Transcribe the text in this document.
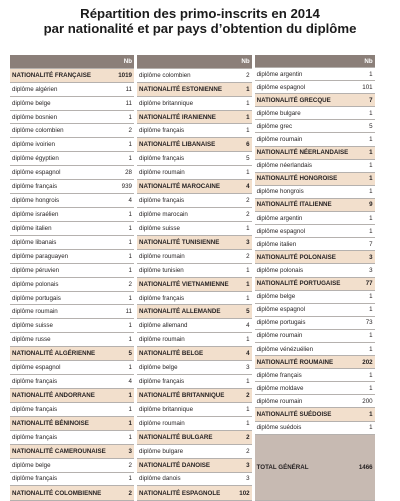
Répartition des primo-inscrits en 2014
par nationalité et par pays d’obtention du diplôme
	Nb
NATIONALITÉ FRANÇAISE	1019
diplôme algérien	11
diplôme belge	11
diplôme bosnien	1
diplôme colombien	2
diplôme ivoirien	1
diplôme égyptien	1
diplôme espagnol	28
diplôme français	939
diplôme hongrois	4
diplôme israélien	1
diplôme italien	1
diplôme libanais	1
diplôme paraguayen	1
diplôme péruvien	1
diplôme polonais	2
diplôme portugais	1
diplôme roumain	11
diplôme suisse	1
diplôme russe	1
NATIONALITÉ ALGÉRIENNE	5
diplôme espagnol	1
diplôme français	4
NATIONALITÉ ANDORRANE	1
diplôme français	1
NATIONALITÉ BÉNINOISE	1
diplôme français	1
NATIONALITÉ CAMEROUNAISE	3
diplôme belge	2
diplôme français	1
NATIONALITÉ COLOMBIENNE	2
	Nb
diplôme colombien	2
NATIONALITÉ ESTONIENNE	1
diplôme britannique	1
NATIONALITÉ IRANIENNE	1
diplôme français	1
NATIONALITÉ LIBANAISE	6
diplôme français	5
diplôme roumain	1
NATIONALITÉ MAROCAINE	4
diplôme français	2
diplôme marocain	2
diplôme suisse	1
NATIONALITÉ TUNISIENNE	3
diplôme roumain	2
diplôme tunisien	1
NATIONALITÉ VIETNAMIENNE	1
diplôme français	1
NATIONALITÉ ALLEMANDE	5
diplôme allemand	4
diplôme roumain	1
NATIONALITÉ BELGE	4
diplôme belge	3
diplôme français	1
NATIONALITÉ BRITANNIQUE	2
diplôme britannique	1
diplôme roumain	1
NATIONALITÉ BULGARE	2
diplôme bulgare	2
NATIONALITÉ DANOISE	3
diplôme danois	3
NATIONALITÉ ESPAGNOLE	102
	Nb
diplôme argentin	1
diplôme espagnol	101
NATIONALITÉ GRECQUE	7
diplôme bulgare	1
diplôme grec	5
diplôme roumain	1
NATIONALITÉ NÉERLANDAISE	1
diplôme néerlandais	1
NATIONALITÉ HONGROISE	1
diplôme hongrois	1
NATIONALITÉ ITALIENNE	9
diplôme argentin	1
diplôme espagnol	1
diplôme italien	7
NATIONALITÉ POLONAISE	3
diplôme polonais	3
NATIONALITÉ PORTUGAISE	77
diplôme belge	1
diplôme espagnol	1
diplôme portugais	73
diplôme roumain	1
diplôme vénézuélien	1
NATIONALITÉ ROUMAINE	202
diplôme français	1
diplôme moldave	1
diplôme roumain	200
NATIONALITÉ SUÉDOISE	1
diplôme suédois	1
TOTAL GÉNÉRAL	1466
